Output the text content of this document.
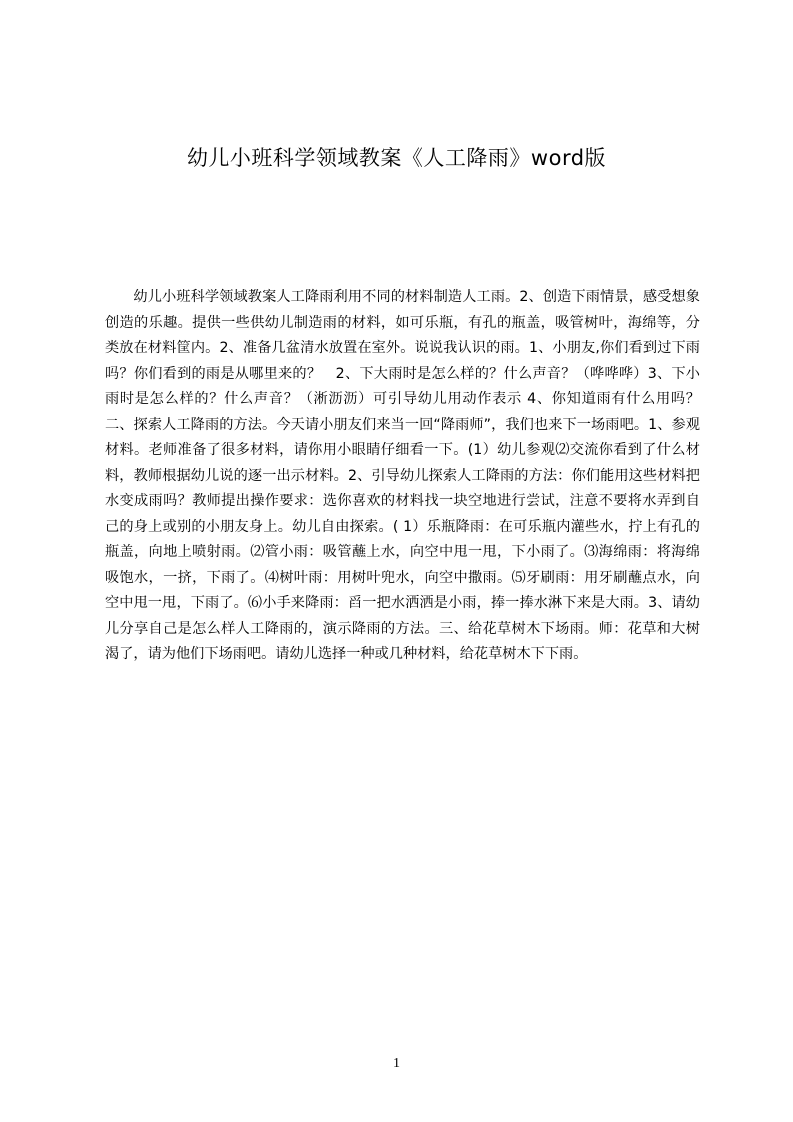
幼儿小班科学领域教案《人工降雨》word版

幼儿小班科学领域教案人工降雨利用不同的材料制造人工雨。2、创造下雨情景，感受想象创造的乐趣。提供一些供幼儿制造雨的材料，如可乐瓶，有孔的瓶盖，吸管树叶，海绵等，分类放在材料筐内。2、准备几盆清水放置在室外。说说我认识的雨。1、小朋友,你们看到过下雨吗？你们看到的雨是从哪里来的？　2、下大雨时是怎么样的？什么声音？（哗哗哗）3、下小雨时是怎么样的？什么声音？（淅沥沥）可引导幼儿用动作表示 4、你知道雨有什么用吗？二、探索人工降雨的方法。今天请小朋友们来当一回“降雨师”，我们也来下一场雨吧。1、参观材料。老师准备了很多材料，请你用小眼睛仔细看一下。(1）幼儿参观⑵交流你看到了什么材料，教师根据幼儿说的逐一出示材料。2、引导幼儿探索人工降雨的方法：你们能用这些材料把水变成雨吗？教师提出操作要求：选你喜欢的材料找一块空地进行尝试，注意不要将水弄到自己的身上或别的小朋友身上。幼儿自由探索。( 1）乐瓶降雨：在可乐瓶内灌些水，拧上有孔的瓶盖，向地上喷射雨。⑵管小雨：吸管蘸上水，向空中甩一甩，下小雨了。⑶海绵雨：将海绵吸饱水，一挤，下雨了。⑷树叶雨：用树叶兜水，向空中撒雨。⑸牙刷雨：用牙刷蘸点水，向空中甩一甩，下雨了。⑹小手来降雨：舀一把水洒洒是小雨，捧一捧水淋下来是大雨。3、请幼儿分享自己是怎么样人工降雨的，演示降雨的方法。三、给花草树木下场雨。师：花草和大树渴了，请为他们下场雨吧。请幼儿选择一种或几种材料，给花草树木下下雨。

1
